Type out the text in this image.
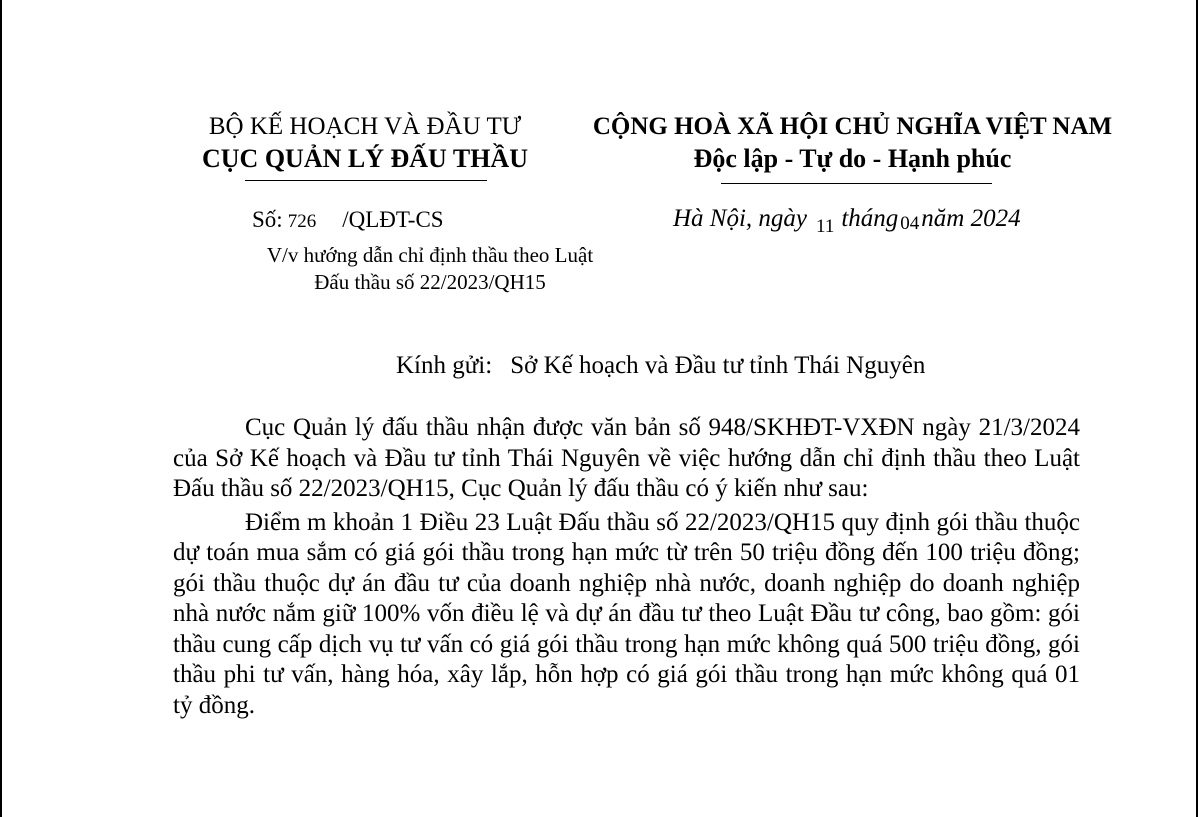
BỘ KẾ HOẠCH VÀ ĐẦU TƯ
CỤC QUẢN LÝ ĐẤU THẦU
CỘNG HOÀ XÃ HỘI CHỦ NGHĨA VIỆT NAM
Độc lập - Tự do - Hạnh phúc
Số: 726 /QLĐT-CS
V/v hướng dẫn chỉ định thầu theo Luật
Đấu thầu số 22/2023/QH15
Hà Nội, ngày 11 tháng 04năm 2024
Kính gửi: Sở Kế hoạch và Đầu tư tỉnh Thái Nguyên

Cục Quản lý đấu thầu nhận được văn bản số 948/SKHĐT-VXĐN ngày 21/3/2024 của Sở Kế hoạch và Đầu tư tỉnh Thái Nguyên về việc hướng dẫn chỉ định thầu theo Luật Đấu thầu số 22/2023/QH15, Cục Quản lý đấu thầu có ý kiến như sau:

Điểm m khoản 1 Điều 23 Luật Đấu thầu số 22/2023/QH15 quy định gói thầu thuộc dự toán mua sắm có giá gói thầu trong hạn mức từ trên 50 triệu đồng đến 100 triệu đồng; gói thầu thuộc dự án đầu tư của doanh nghiệp nhà nước, doanh nghiệp do doanh nghiệp nhà nước nắm giữ 100% vốn điều lệ và dự án đầu tư theo Luật Đầu tư công, bao gồm: gói thầu cung cấp dịch vụ tư vấn có giá gói thầu trong hạn mức không quá 500 triệu đồng, gói thầu phi tư vấn, hàng hóa, xây lắp, hỗn hợp có giá gói thầu trong hạn mức không quá 01 tỷ đồng.
